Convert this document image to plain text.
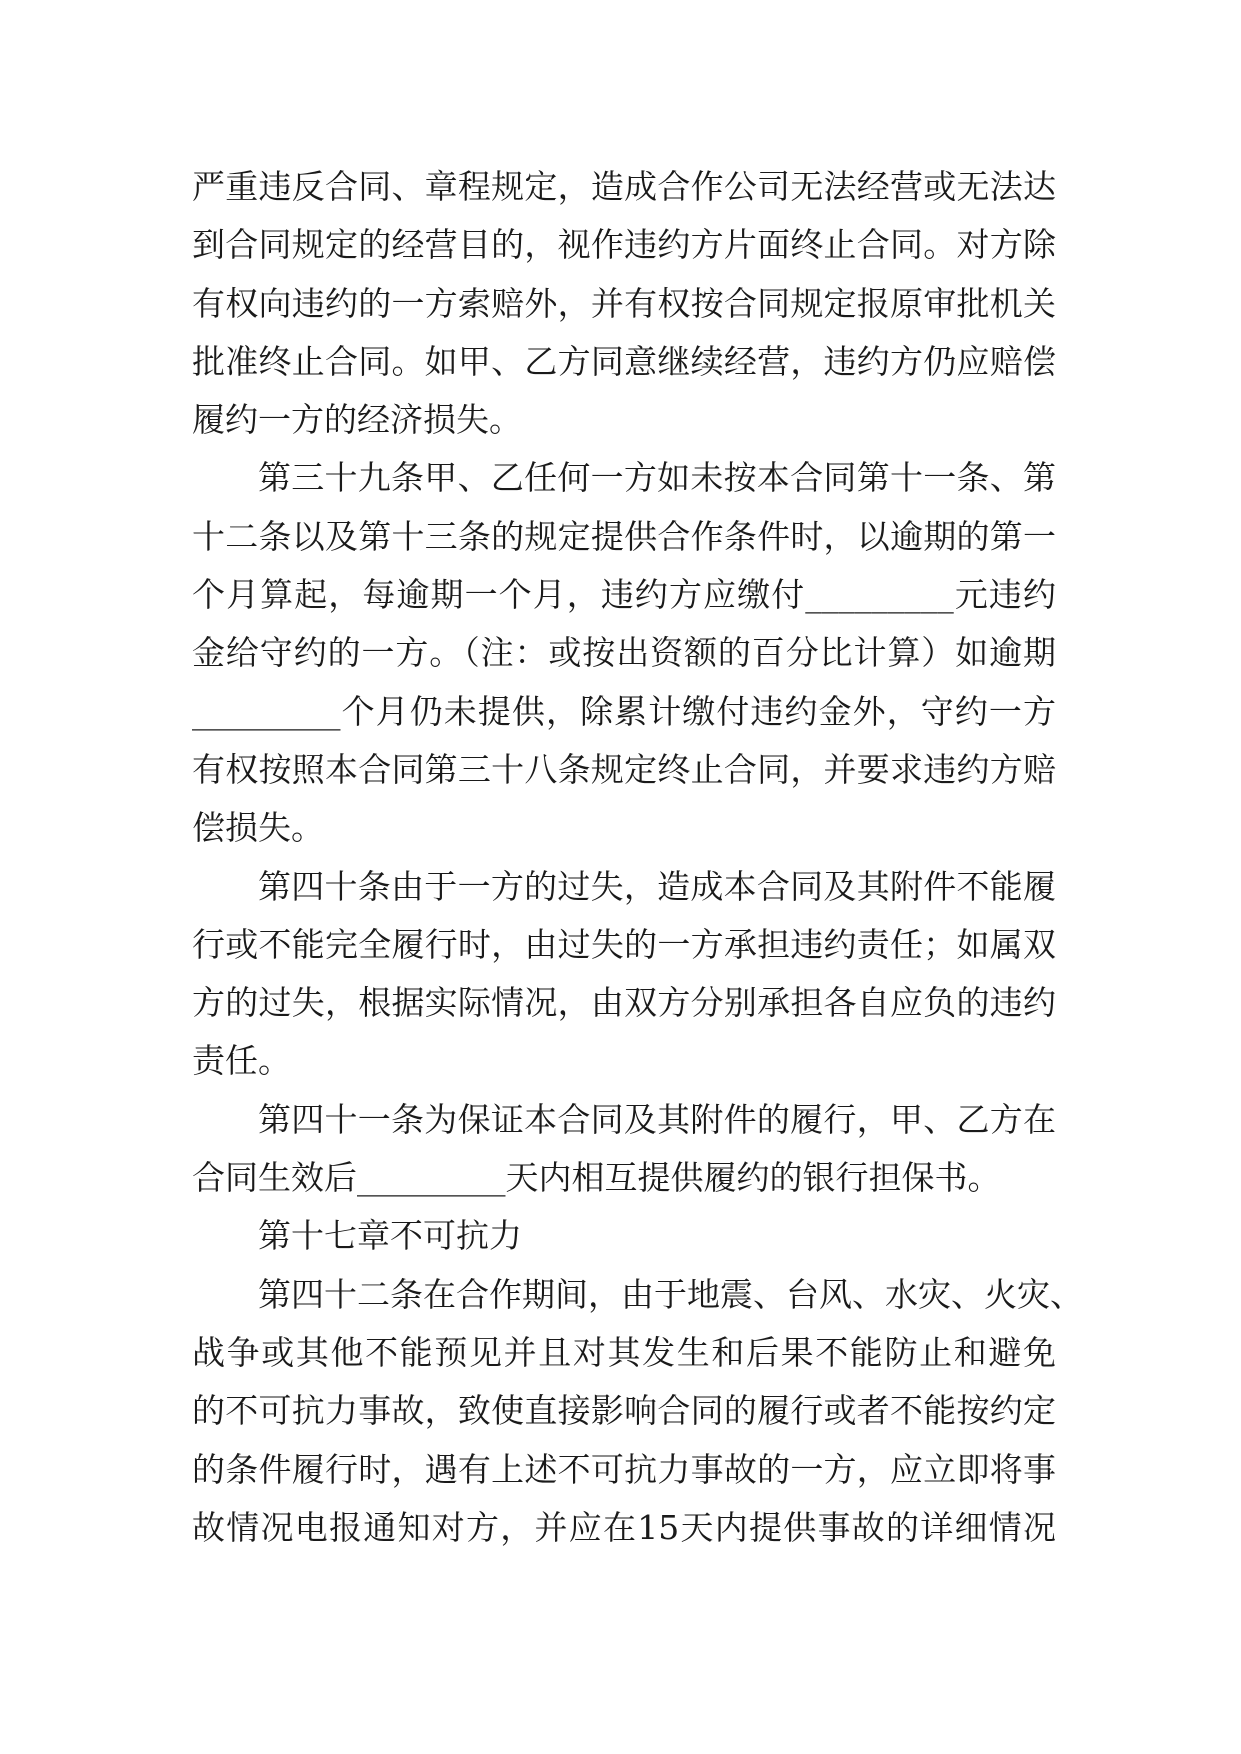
严重违反合同、章程规定，造成合作公司无法经营或无法达
到合同规定的经营目的，视作违约方片面终止合同。对方除
有权向违约的一方索赔外，并有权按合同规定报原审批机关
批准终止合同。如甲、乙方同意继续经营，违约方仍应赔偿
履约一方的经济损失。
第三十九条甲、乙任何一方如未按本合同第十一条、第
十二条以及第十三条的规定提供合作条件时，以逾期的第一
个月算起，每逾期一个月，违约方应缴付_________元违约
金给守约的一方。（注：或按出资额的百分比计算）如逾期
_________个月仍未提供，除累计缴付违约金外，守约一方
有权按照本合同第三十八条规定终止合同，并要求违约方赔
偿损失。
第四十条由于一方的过失，造成本合同及其附件不能履
行或不能完全履行时，由过失的一方承担违约责任；如属双
方的过失，根据实际情况，由双方分别承担各自应负的违约
责任。
第四十一条为保证本合同及其附件的履行，甲、乙方在
合同生效后_________天内相互提供履约的银行担保书。
第十七章不可抗力
第四十二条在合作期间，由于地震、台风、水灾、火灾、
战争或其他不能预见并且对其发生和后果不能防止和避免
的不可抗力事故，致使直接影响合同的履行或者不能按约定
的条件履行时，遇有上述不可抗力事故的一方，应立即将事
故情况电报通知对方，并应在15天内提供事故的详细情况
